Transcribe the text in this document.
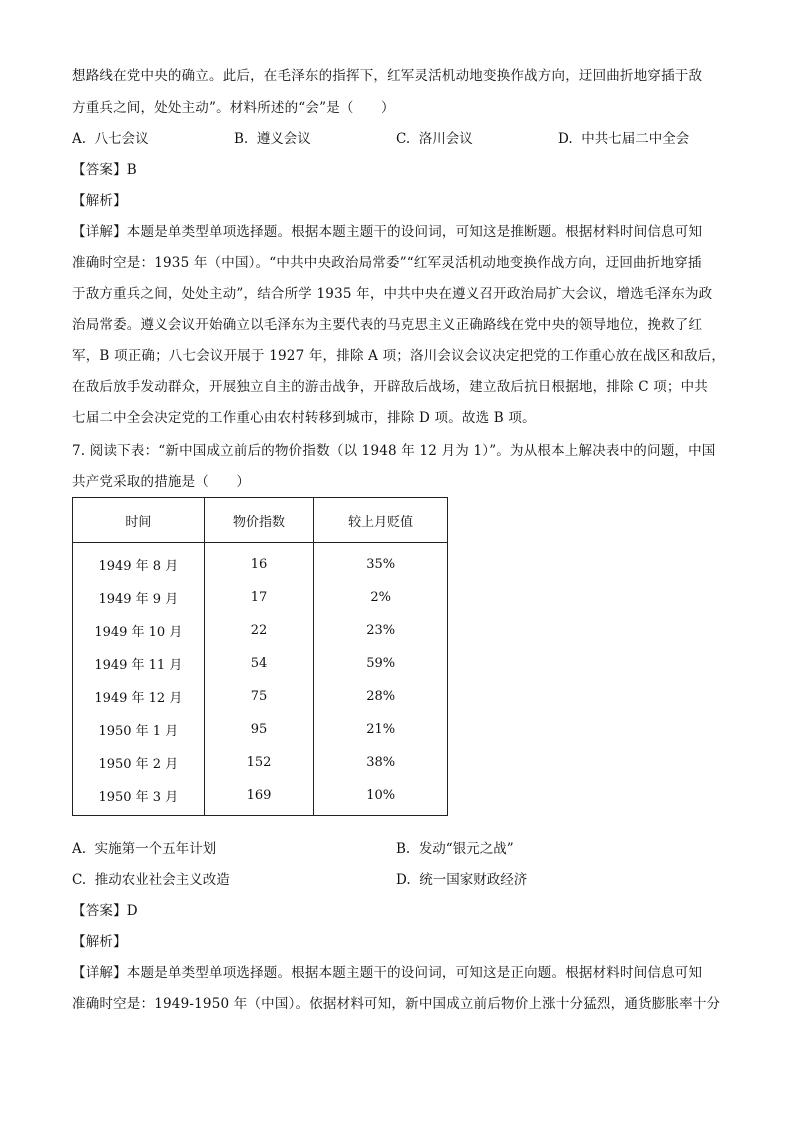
想路线在党中央的确立。此后，在毛泽东的指挥下，红军灵活机动地变换作战方向，迂回曲折地穿插于敌
方重兵之间，处处主动”。材料所述的“会”是（　　）
A. 八七会议	B. 遵义会议	C. 洛川会议	D. 中共七届二中全会
【答案】B
【解析】
【详解】本题是单类型单项选择题。根据本题主题干的设问词，可知这是推断题。根据材料时间信息可知
准确时空是：1935 年（中国）。“中共中央政治局常委”“红军灵活机动地变换作战方向，迂回曲折地穿插
于敌方重兵之间，处处主动”，结合所学 1935 年，中共中央在遵义召开政治局扩大会议，增选毛泽东为政
治局常委。遵义会议开始确立以毛泽东为主要代表的马克思主义正确路线在党中央的领导地位，挽救了红
军，B 项正确；八七会议开展于 1927 年，排除 A 项；洛川会议会议决定把党的工作重心放在战区和敌后，
在敌后放手发动群众，开展独立自主的游击战争，开辟敌后战场，建立敌后抗日根据地，排除 C 项；中共
七届二中全会决定党的工作重心由农村转移到城市，排除 D 项。故选 B 项。
7. 阅读下表：“新中国成立前后的物价指数（以 1948 年 12 月为 1）”。为从根本上解决表中的问题，中国
共产党采取的措施是（　　）
时间	物价指数	较上月贬值
1949 年 8 月	16	35%
1949 年 9 月	17	2%
1949 年 10 月	22	23%
1949 年 11 月	54	59%
1949 年 12 月	75	28%
1950 年 1 月	95	21%
1950 年 2 月	152	38%
1950 年 3 月	169	10%
A. 实施第一个五年计划	B. 发动“银元之战”
C. 推动农业社会主义改造	D. 统一国家财政经济
【答案】D
【解析】
【详解】本题是单类型单项选择题。根据本题主题干的设问词，可知这是正向题。根据材料时间信息可知
准确时空是：1949-1950 年（中国）。依据材料可知，新中国成立前后物价上涨十分猛烈，通货膨胀率十分
